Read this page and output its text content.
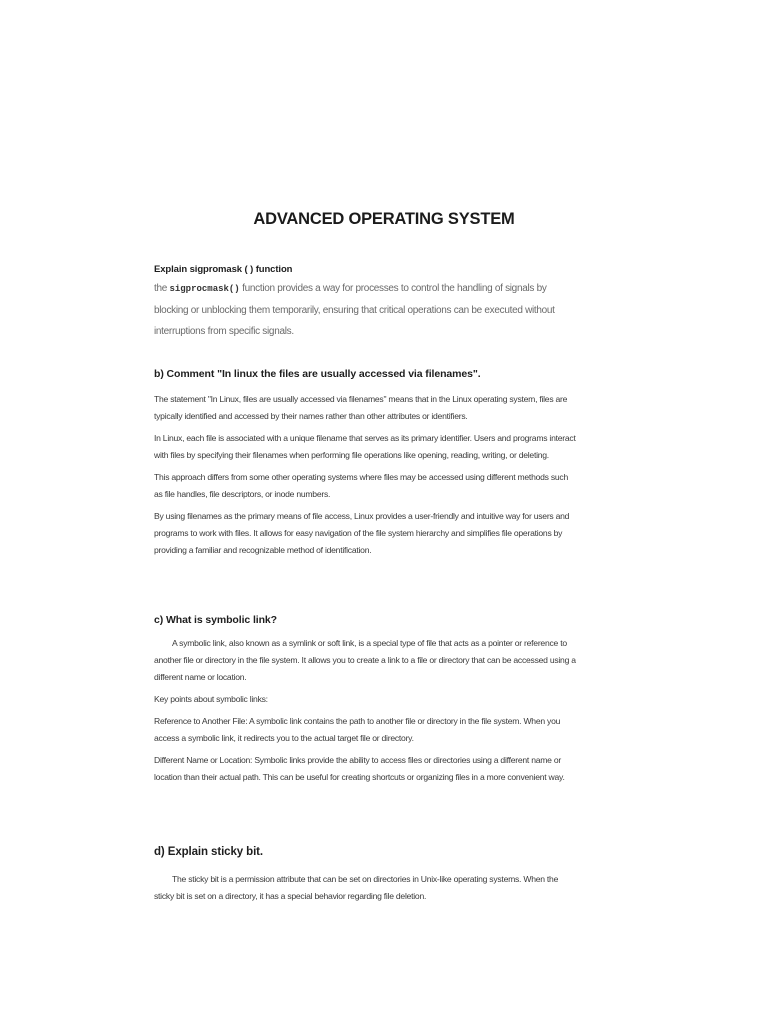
ADVANCED OPERATING SYSTEM

Explain sigpromask ( ) function

the sigprocmask() function provides a way for processes to control the handling of signals by blocking or unblocking them temporarily, ensuring that critical operations can be executed without interruptions from specific signals.

b) Comment "In linux the files are usually accessed via filenames".

The statement "In Linux, files are usually accessed via filenames" means that in the Linux operating system, files are typically identified and accessed by their names rather than other attributes or identifiers.

In Linux, each file is associated with a unique filename that serves as its primary identifier. Users and programs interact with files by specifying their filenames when performing file operations like opening, reading, writing, or deleting.

This approach differs from some other operating systems where files may be accessed using different methods such as file handles, file descriptors, or inode numbers.

By using filenames as the primary means of file access, Linux provides a user-friendly and intuitive way for users and programs to work with files. It allows for easy navigation of the file system hierarchy and simplifies file operations by providing a familiar and recognizable method of identification.

c) What is symbolic link?

A symbolic link, also known as a symlink or soft link, is a special type of file that acts as a pointer or reference to another file or directory in the file system. It allows you to create a link to a file or directory that can be accessed using a different name or location.

Key points about symbolic links:

Reference to Another File: A symbolic link contains the path to another file or directory in the file system. When you access a symbolic link, it redirects you to the actual target file or directory.

Different Name or Location: Symbolic links provide the ability to access files or directories using a different name or location than their actual path. This can be useful for creating shortcuts or organizing files in a more convenient way.

d) Explain sticky bit.

The sticky bit is a permission attribute that can be set on directories in Unix-like operating systems. When the sticky bit is set on a directory, it has a special behavior regarding file deletion.
